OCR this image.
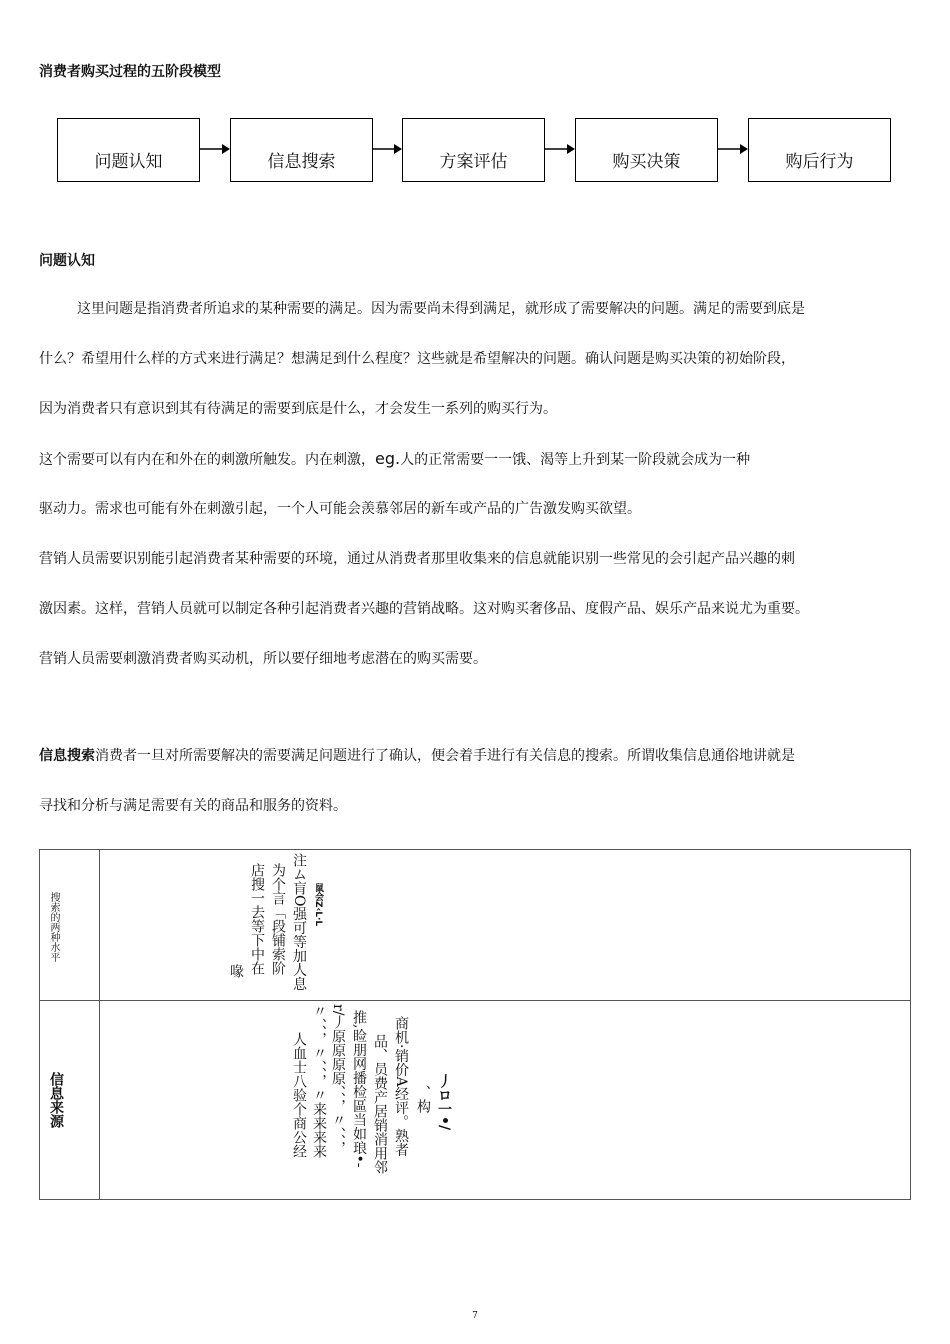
消费者购买过程的五阶段模型
问题认知	信息搜索	方案评估	购买决策	购后行为
问题认知
这里问题是指消费者所追求的某种需要的满足。因为需要尚未得到满足，就形成了需要解决的问题。满足的需要到底是
什么？希望用什么样的方式来进行满足？想满足到什么程度？这些就是希望解决的问题。确认问题是购买决策的初始阶段，
因为消费者只有意识到其有待满足的需要到底是什么，才会发生一系列的购买行为。
这个需要可以有内在和外在的刺激所触发。内在刺激，eg.人的正常需要一一饿、渴等上升到某一阶段就会成为一种
驱动力。需求也可能有外在刺激引起，一个人可能会羡慕邻居的新车或产品的广告激发购买欲望。
营销人员需要识别能引起消费者某种需要的环境，通过从消费者那里收集来的信息就能识别一些常见的会引起产品兴趣的刺
激因素。这样，营销人员就可以制定各种引起消费者兴趣的营销战略。这对购买奢侈品、度假产品、娱乐产品来说尤为重要。
营销人员需要刺激消费者购买动机，所以要仔细地考虑潜在的购买需要。
信息搜索消费者一旦对所需要解决的需要满足问题进行了确认，便会着手进行有关信息的搜索。所谓收集信息通俗地讲就是
寻找和分析与满足需要有关的商品和服务的资料。
搜索的两种水平	鼠会Z‹L·L
注ム肓O强可等加人息
为个言「段铺索阶
店搜一去等下中在
喙
信息来源	丿ロ一•/
、构
商机·销价A经评。熟者
品、员费产居销消用邻
推,睑朋网播检區当如琅•-
r/丿原原原原、、，〃、、，
〃、、，〃、、，〃来来来来
人血士八验个商公经
7
